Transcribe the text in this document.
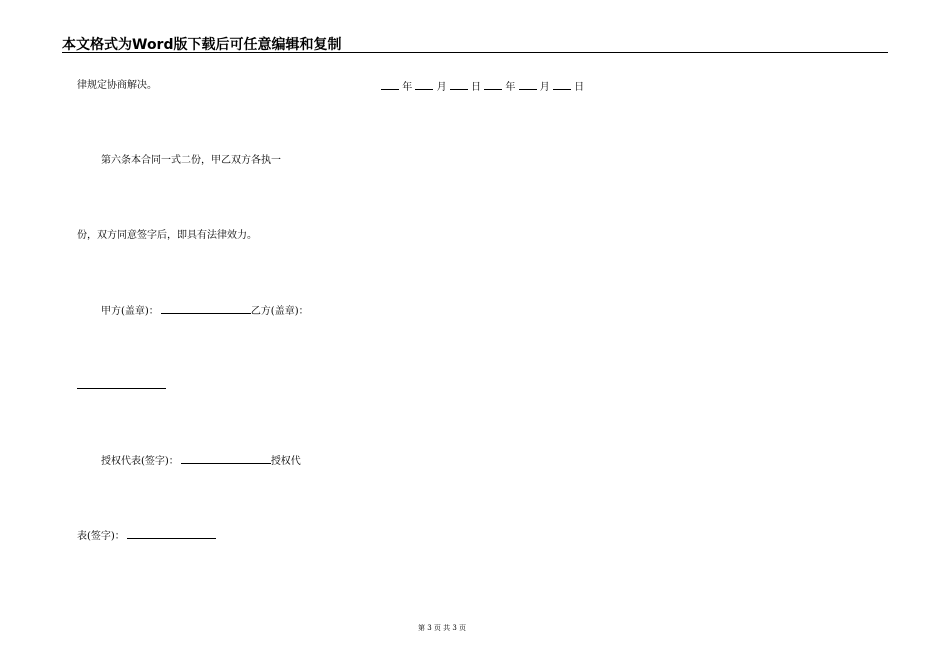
本文格式为Word版下载后可任意编辑和复制
律规定协商解决。	年 月 日 年 月 日
第六条本合同一式二份，甲乙双方各执一
份，双方同意签字后，即具有法律效力。
甲方(盖章)：	乙方(盖章)：
授权代表(签字)：	授权代
表(签字)：
第 3 页 共 3 页
